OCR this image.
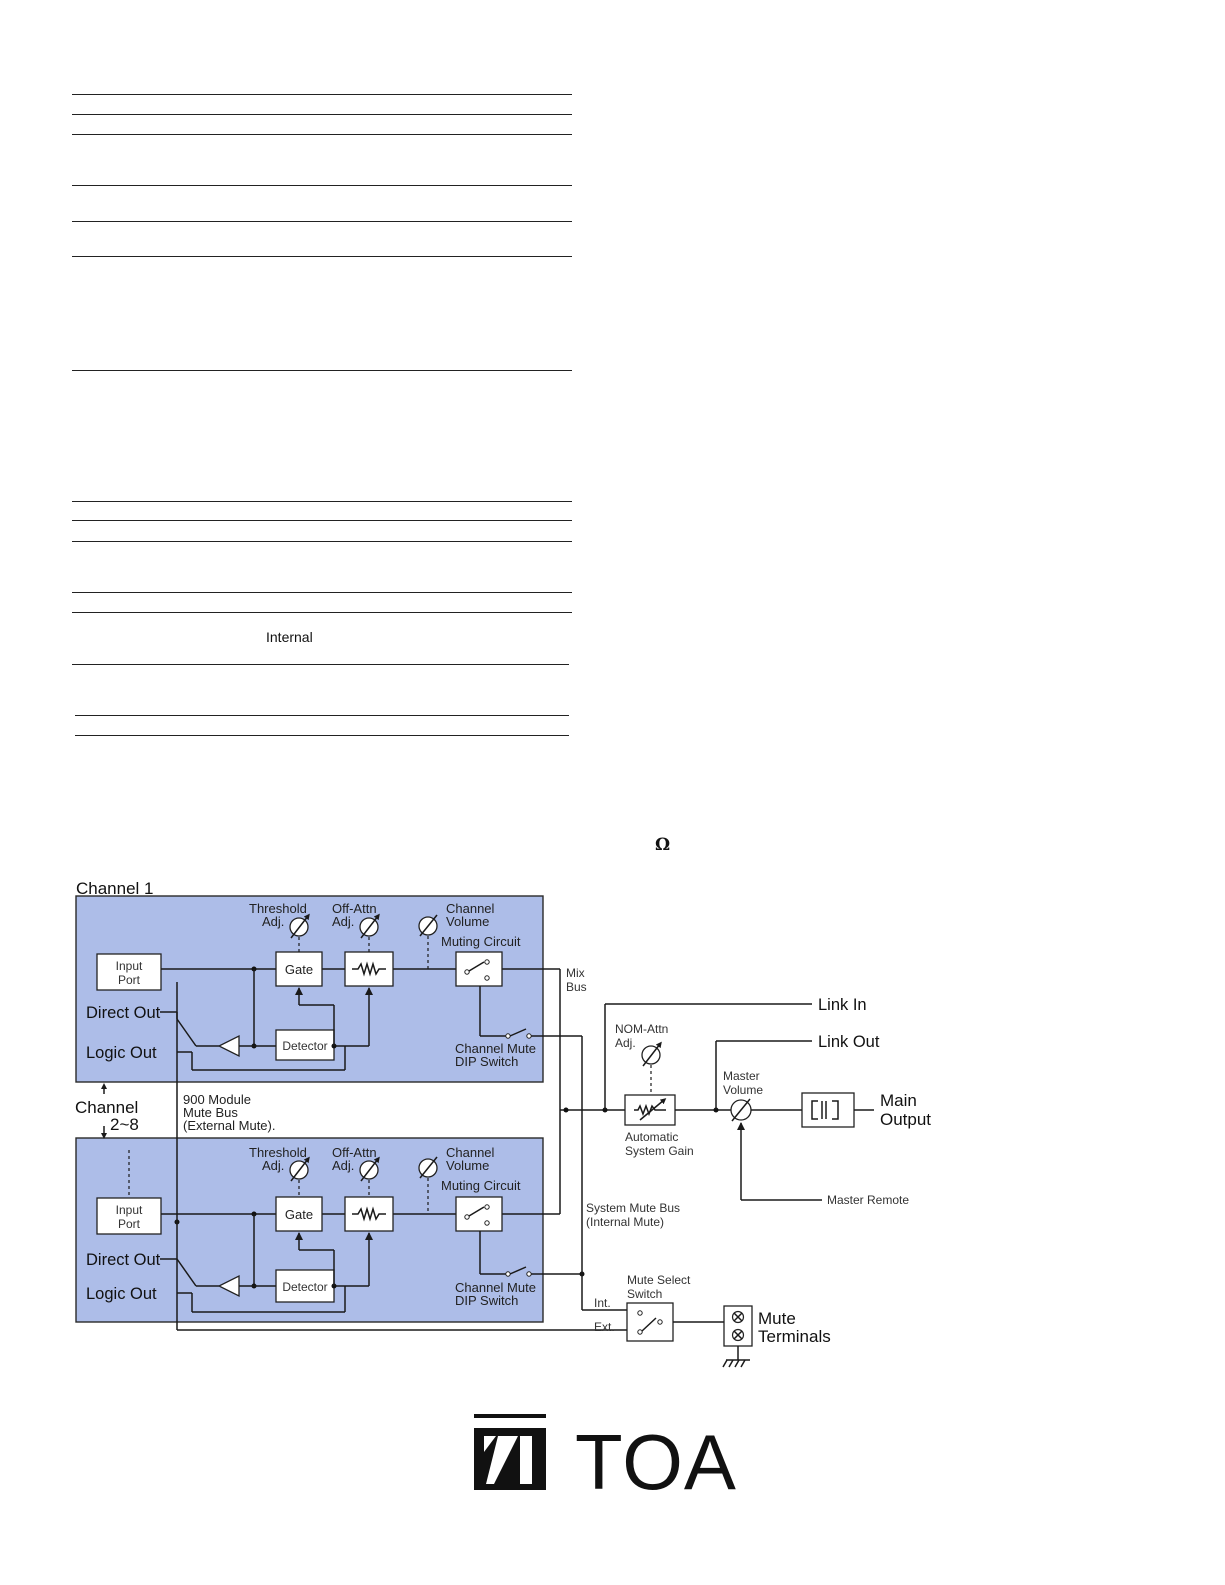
Internal
Ω
Channel 1
Input
Port
Direct Out
Logic Out
Gate
Detector
Muting Circuit
Channel Mute
DIP Switch
Threshold
Adj.
Off-Attn
Adj.
Channel
Volume
Input
Port
Direct Out
Logic Out
Gate
Detector
Muting Circuit
Channel Mute
DIP Switch
Threshold
Adj.
Off-Attn
Adj.
Channel
Volume
900 Module
Mute Bus
(External Mute).
Channel
2~8
Mix
Bus
System Mute Bus
(Internal Mute)
Link In
Automatic
System Gain
NOM-Attn
Adj.	Link Out
Master
Volume
Master Remote
Main
Output
Mute Select
Switch
Int.
Ext.	Mute
Terminals
TOA
